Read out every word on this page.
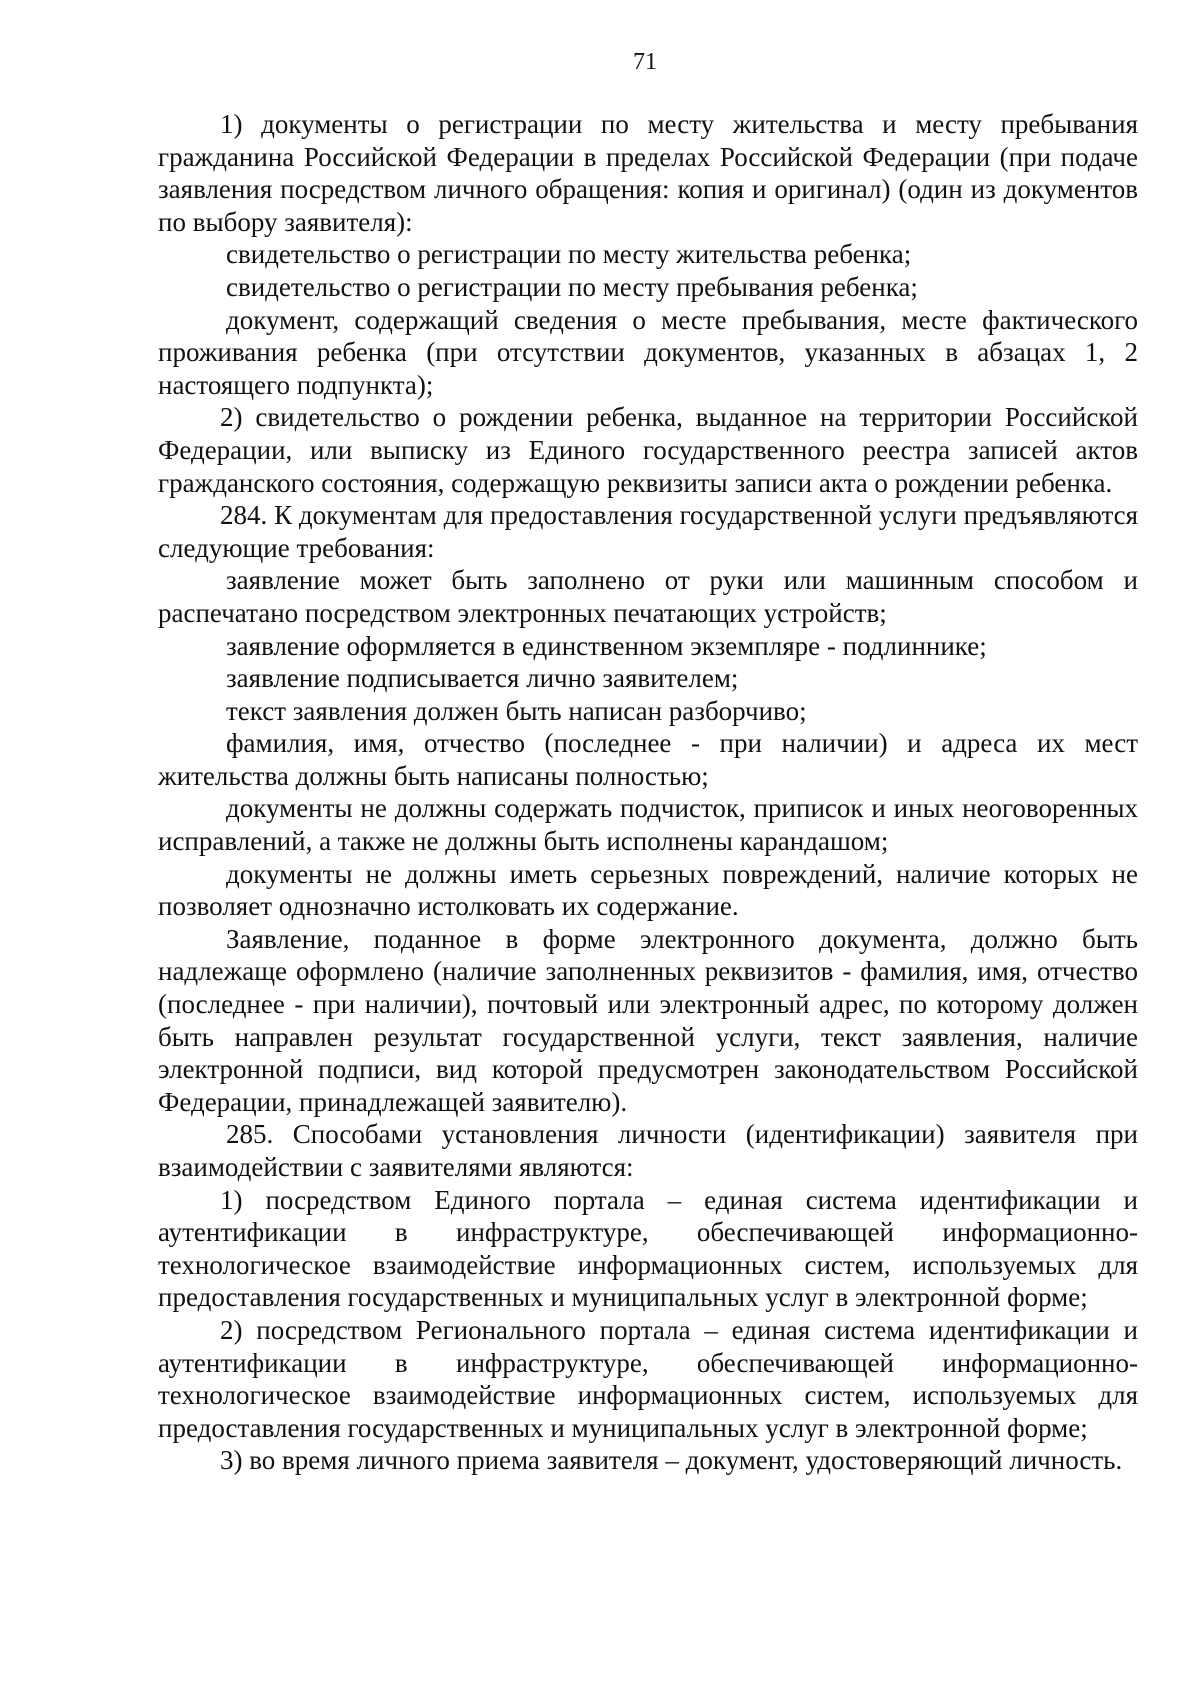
71

1) документы о регистрации по месту жительства и месту пребывания гражданина Российской Федерации в пределах Российской Федерации (при подаче заявления посредством личного обращения: копия и оригинал) (один из документов по выбору заявителя):

свидетельство о регистрации по месту жительства ребенка;

свидетельство о регистрации по месту пребывания ребенка;

документ, содержащий сведения о месте пребывания, месте фактического проживания ребенка (при отсутствии документов, указанных в абзацах 1, 2 настоящего подпункта);

2) свидетельство о рождении ребенка, выданное на территории Российской Федерации, или выписку из Единого государственного реестра записей актов гражданского состояния, содержащую реквизиты записи акта о рождении ребенка.

284. К документам для предоставления государственной услуги предъявляются следующие требования:

заявление может быть заполнено от руки или машинным способом и распечатано посредством электронных печатающих устройств;

заявление оформляется в единственном экземпляре - подлиннике;

заявление подписывается лично заявителем;

текст заявления должен быть написан разборчиво;

фамилия, имя, отчество (последнее - при наличии) и адреса их мест жительства должны быть написаны полностью;

документы не должны содержать подчисток, приписок и иных неоговоренных исправлений, а также не должны быть исполнены карандашом;

документы не должны иметь серьезных повреждений, наличие которых не позволяет однозначно истолковать их содержание.

Заявление, поданное в форме электронного документа, должно быть надлежаще оформлено (наличие заполненных реквизитов - фамилия, имя, отчество (последнее - при наличии), почтовый или электронный адрес, по которому должен быть направлен результат государственной услуги, текст заявления, наличие электронной подписи, вид которой предусмотрен законодательством Российской Федерации, принадлежащей заявителю).

285. Способами установления личности (идентификации) заявителя при взаимодействии с заявителями являются:

1) посредством Единого портала – единая система идентификации и аутентификации в инфраструктуре, обеспечивающей информационно-технологическое взаимодействие информационных систем, используемых для предоставления государственных и муниципальных услуг в электронной форме;

2) посредством Регионального портала – единая система идентификации и аутентификации в инфраструктуре, обеспечивающей информационно-технологическое взаимодействие информационных систем, используемых для предоставления государственных и муниципальных услуг в электронной форме;

3) во время личного приема заявителя – документ, удостоверяющий личность.
